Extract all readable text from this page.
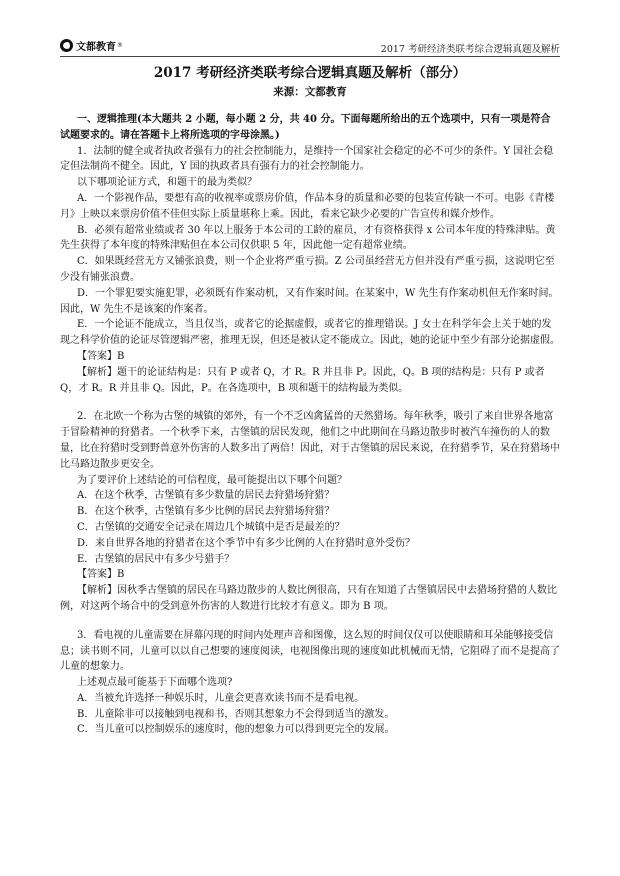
文都教育 ®	2017 考研经济类联考综合逻辑真题及解析
2017 考研经济类联考综合逻辑真题及解析（部分）
来源：文都教育

一、逻辑推理(本大题共 2 小题，每小题 2 分，共 40 分。下面每题所给出的五个选项中，只有一项是符合试题要求的。请在答题卡上将所选项的字母涂黑。)

1．法制的健全或者执政者强有力的社会控制能力，是维持一个国家社会稳定的必不可少的条件。Y 国社会稳定但法制尚不健全。因此，Y 国的执政者具有强有力的社会控制能力。

以下哪项论证方式，和题干的最为类似？

A．一个影视作品，要想有高的收视率或票房价值，作品本身的质量和必要的包装宣传缺一不可。电影《青楼月》上映以来票房价值不佳但实际上质量堪称上乘。因此，看来它缺少必要的广告宣传和媒介炒作。

B．必须有超常业绩或者 30 年以上服务于本公司的工龄的雇员，才有资格获得 x 公司本年度的特殊津贴。黄先生获得了本年度的特殊津贴但在本公司仅供职 5 年，因此他一定有超常业绩。

C．如果既经营无方又铺张浪费，则一个企业将严重亏损。Z 公司虽经营无方但并没有严重亏损，这说明它至少没有铺张浪费。

D．一个罪犯要实施犯罪，必须既有作案动机，又有作案时间。在某案中，W 先生有作案动机但无作案时间。因此，W 先生不是该案的作案者。

E．一个论证不能成立，当且仅当，或者它的论据虚假，或者它的推理错误。J 女士在科学年会上关于她的发现之科学价值的论证尽管逻辑严密，推理无误，但还是被认定不能成立。因此，她的论证中至少有部分论据虚假。

【答案】B

【解析】题干的论证结构是：只有 P 或者 Q，才 R。R 并且非 P。因此，Q。B 项的结构是：只有 P 或者 Q，才 R。R 并且非 Q。因此，P。在各选项中，B 项和题干的结构最为类似。

2．在北欧一个称为古堡的城镇的郊外，有一个不乏凶禽猛兽的天然猎场。每年秋季，吸引了来自世界各地富于冒险精神的狩猎者。一个秋季下来，古堡镇的居民发现，他们之中此期间在马路边散步时被汽车撞伤的人的数量，比在狩猎时受到野兽意外伤害的人数多出了两倍！因此，对于古堡镇的居民来说，在狩猎季节，呆在狩猎场中比马路边散步更安全。

为了要评价上述结论的可信程度，最可能提出以下哪个问题？

A．在这个秋季，古堡镇有多少数量的居民去狩猎场狩猎？

B．在这个秋季，古堡镇有多少比例的居民去狩猎场狩猎？

C．古堡镇的交通安全记录在周边几个城镇中是否是最差的？

D．来自世界各地的狩猎者在这个季节中有多少比例的人在狩猎时意外受伤？

E．古堡镇的居民中有多少号猎手？

【答案】B

【解析】因秋季古堡镇的居民在马路边散步的人数比例很高，只有在知道了古堡镇居民中去猎场狩猎的人数比例，对这两个场合中的受到意外伤害的人数进行比较才有意义。即为 B 项。

3．看电视的儿童需要在屏幕闪现的时间内处理声音和图像，这么短的时间仅仅可以使眼睛和耳朵能够接受信息；读书则不同，儿童可以以自己想要的速度阅读，电视图像出现的速度如此机械而无情，它阻碍了而不是提高了儿童的想象力。

上述观点最可能基于下面哪个选项?

A．当被允许选择一种娱乐时，儿童会更喜欢读书而不是看电视。

B．儿童除非可以接触到电视和书，否则其想象力不会得到适当的激发。

C．当儿童可以控制娱乐的速度时，他的想象力可以得到更完全的发展。
